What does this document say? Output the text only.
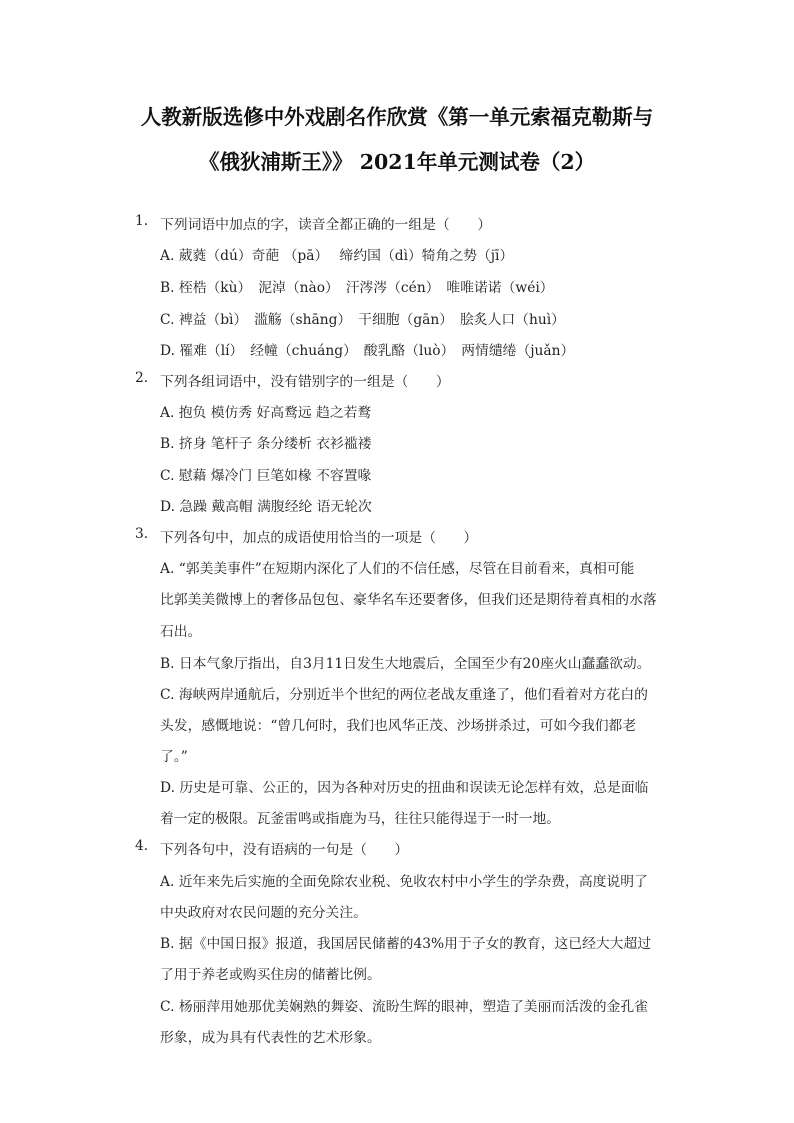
人教新版选修中外戏剧名作欣赏《第一单元索福克勒斯与
《俄狄浦斯王》》 2021年单元测试卷（2）
1. 下列词语中加点的字，读音全都正确的一组是（　　）
A. 葳蕤（dú）奇葩 （pā）　 缔约国（dì）犄角之势（jī）
B. 桎梏（kù）　泥淖（nào）　汗涔涔（cén）　唯唯诺诺（wéi）
C. 裨益（bì）　滥觞（shāng）　干细胞（gān）　脍炙人口（huì）
D. 罹难（lí）　经幢（chuáng）　酸乳酪（luò）　两情缱绻（juǎn）
2. 下列各组词语中，没有错别字的一组是（　　）
A. 抱负 模仿秀 好高鹜远 趋之若鹜
B. 挤身 笔杆子 条分缕析 衣衫褴褛
C. 慰藉 爆冷门 巨笔如椽 不容置喙
D. 急躁 戴高帽 满腹经纶 语无轮次
3. 下列各句中，加点的成语使用恰当的一项是（　　）
A. “郭美美事件”在短期内深化了人们的不信任感，尽管在目前看来，真相可能
比郭美美微博上的奢侈品包包、豪华名车还要奢侈，但我们还是期待着真相的水落
石出。
B. 日本气象厅指出，自3月11日发生大地震后，全国至少有20座火山蠢蠢欲动。
C. 海峡两岸通航后，分别近半个世纪的两位老战友重逢了，他们看着对方花白的
头发，感慨地说：“曾几何时，我们也风华正茂、沙场拼杀过，可如今我们都老
了。”
D. 历史是可靠、公正的，因为各种对历史的扭曲和误读无论怎样有效，总是面临
着一定的极限。瓦釜雷鸣或指鹿为马，往往只能得逞于一时一地。
4. 下列各句中，没有语病的一句是（　　）
A. 近年来先后实施的全面免除农业税、免收农村中小学生的学杂费，高度说明了
中央政府对农民问题的充分关注。
B. 据《中国日报》报道，我国居民储蓄的43%用于子女的教育，这已经大大超过
了用于养老或购买住房的储蓄比例。
C. 杨丽萍用她那优美娴熟的舞姿、流盼生辉的眼神，塑造了美丽而活泼的金孔雀
形象，成为具有代表性的艺术形象。
